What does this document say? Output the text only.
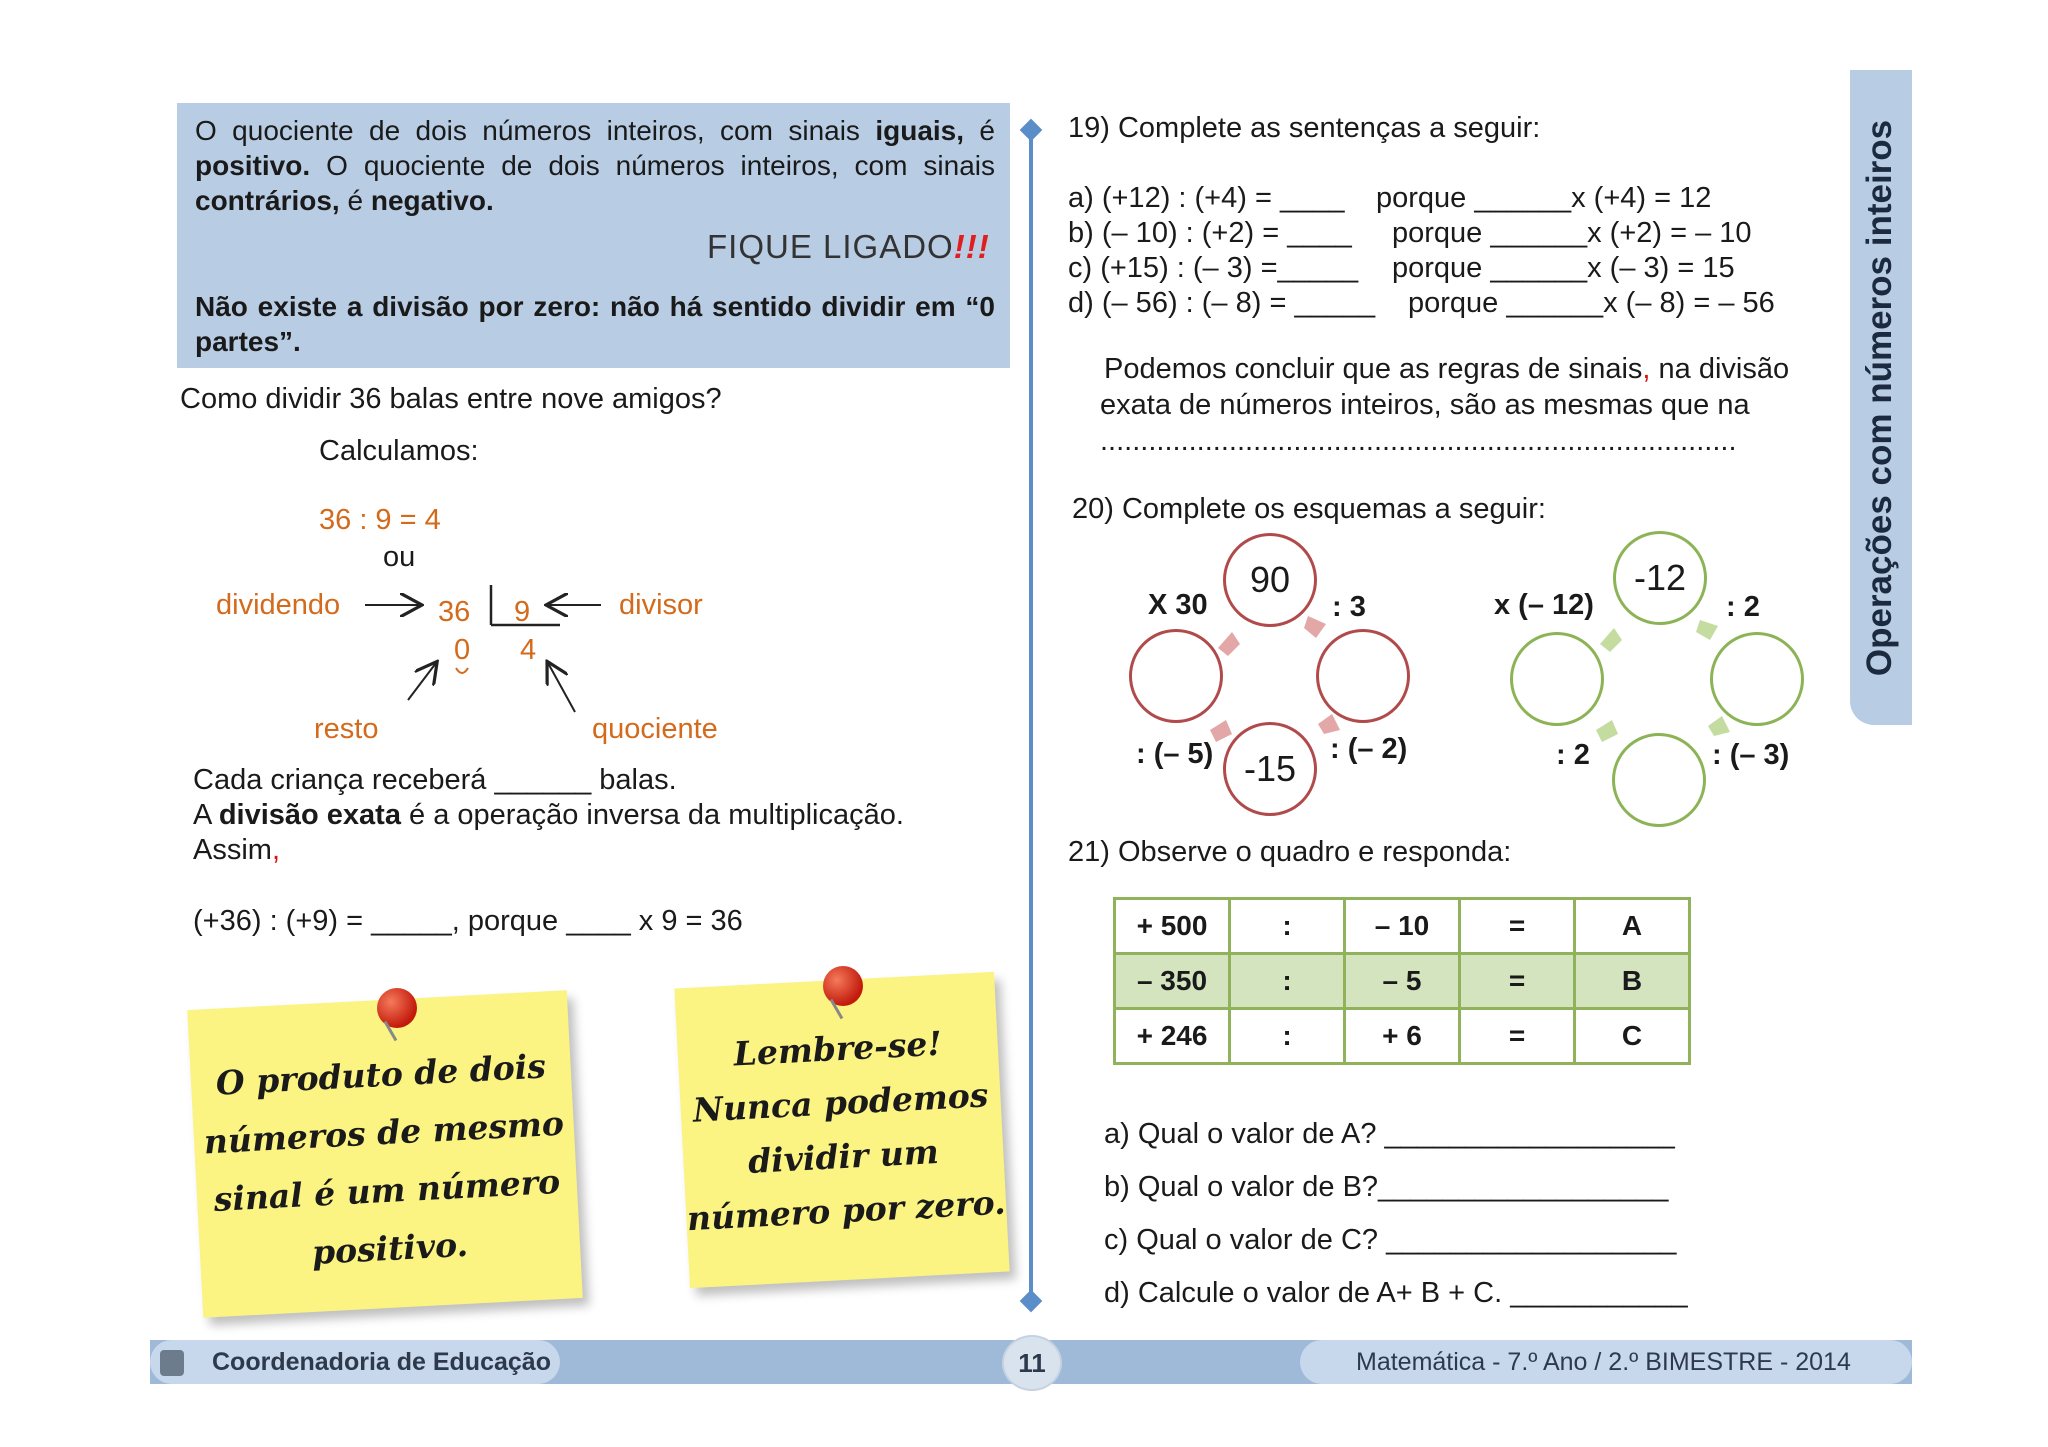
O quociente de dois números inteiros, com sinais iguais, é positivo. O quociente de dois números inteiros, com sinais contrários, é negativo.
FIQUE LIGADO!!!
Não existe a divisão por zero: não há sentido dividir em “0 partes”.
Como dividir 36 balas entre nove amigos?
Calculamos:
36 : 9 = 4
ou
dividendo	divisor
36 9
0 4
resto	quociente
Cada criança receberá ______ balas.
A divisão exata é a operação inversa da multiplicação.
Assim,
(+36) : (+9) = _____, porque ____ x 9 = 36
O produto de dois
números de mesmo
sinal é um número
positivo.
Lembre-se!
Nunca podemos
dividir um
número por zero.
19) Complete as sentenças a seguir:
a) (+12) : (+4) = ____ porque ______x (+4) = 12
b) (– 10) : (+2) = ____ porque ______x (+2) = – 10
c) (+15) : (– 3) =_____ porque ______x (– 3) = 15
d) (– 56) : (– 8) = _____ porque ______x (– 8) = – 56
Podemos concluir que as regras de sinais, na divisão
exata de números inteiros, são as mesmas que na
...............................................................................
20) Complete os esquemas a seguir:
90
-15
X 30	: 3
: (– 5)	: (– 2)
-12
x (– 12)	: 2
: 2	: (– 3)
21) Observe o quadro e responda:
+ 500	:	– 10	=	A
– 350	:	– 5	=	B
+ 246	:	+ 6	=	C
a) Qual o valor de A? __________________
b) Qual o valor de B?__________________
c) Qual o valor de C? __________________
d) Calcule o valor de A+ B + C. ___________
Operações com números inteiros
Coordenadoria de Educação	11	Matemática - 7.º Ano / 2.º BIMESTRE - 2014
